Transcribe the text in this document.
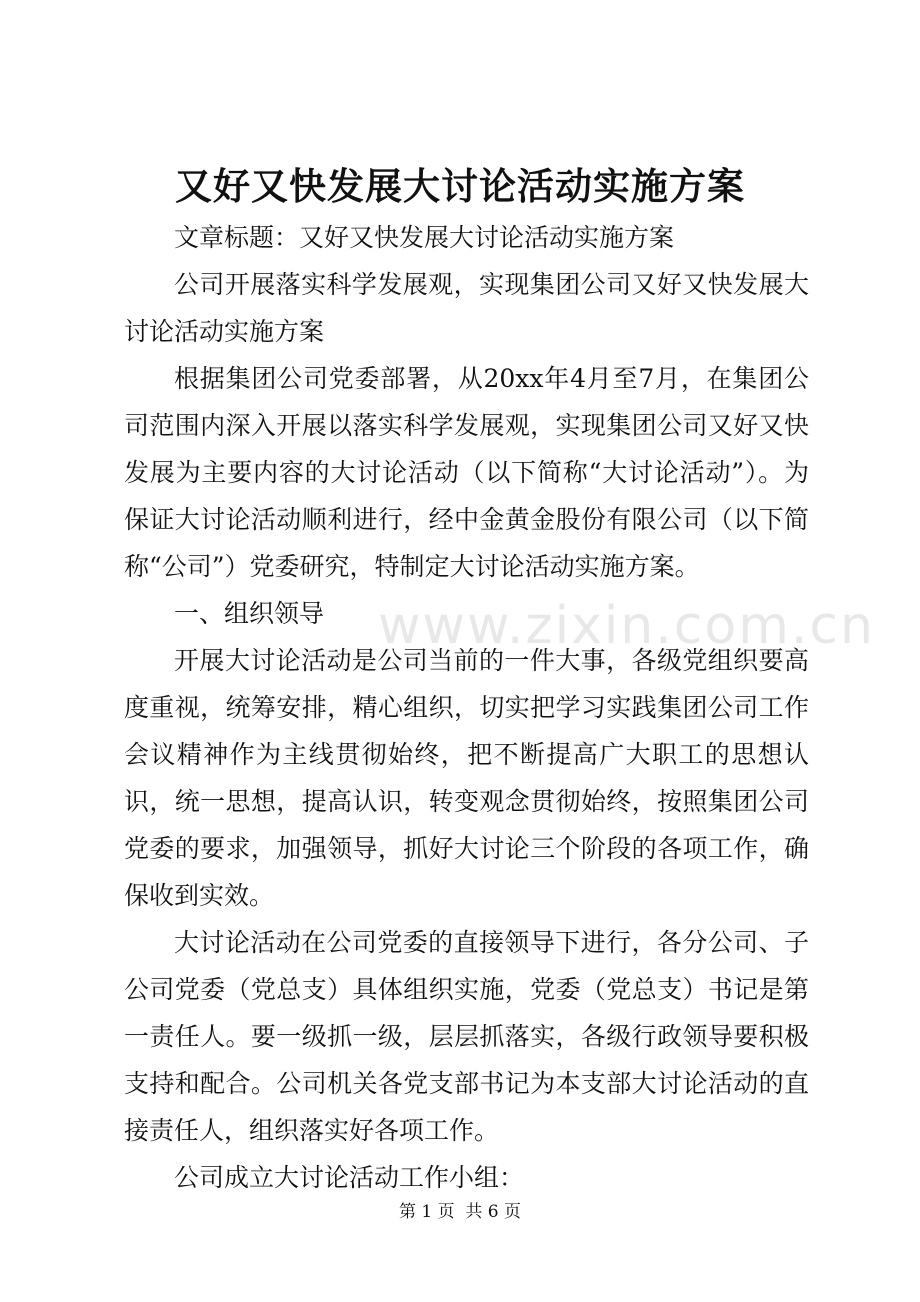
又好又快发展大讨论活动实施方案

文章标题：又好又快发展大讨论活动实施方案

公司开展落实科学发展观，实现集团公司又好又快发展大讨论活动实施方案

根据集团公司党委部署，从20xx年4月至7月，在集团公司范围内深入开展以落实科学发展观，实现集团公司又好又快发展为主要内容的大讨论活动（以下简称“大讨论活动”）。为保证大讨论活动顺利进行，经中金黄金股份有限公司（以下简称“公司”）党委研究，特制定大讨论活动实施方案。

一、组织领导

开展大讨论活动是公司当前的一件大事，各级党组织要高度重视，统筹安排，精心组织，切实把学习实践集团公司工作会议精神作为主线贯彻始终，把不断提高广大职工的思想认识，统一思想，提高认识，转变观念贯彻始终，按照集团公司党委的要求，加强领导，抓好大讨论三个阶段的各项工作，确保收到实效。

大讨论活动在公司党委的直接领导下进行，各分公司、子公司党委（党总支）具体组织实施，党委（党总支）书记是第一责任人。要一级抓一级，层层抓落实，各级行政领导要积极支持和配合。公司机关各党支部书记为本支部大讨论活动的直接责任人，组织落实好各项工作。

公司成立大讨论活动工作小组：

www.zixin.com.cn
第 1 页  共 6 页
